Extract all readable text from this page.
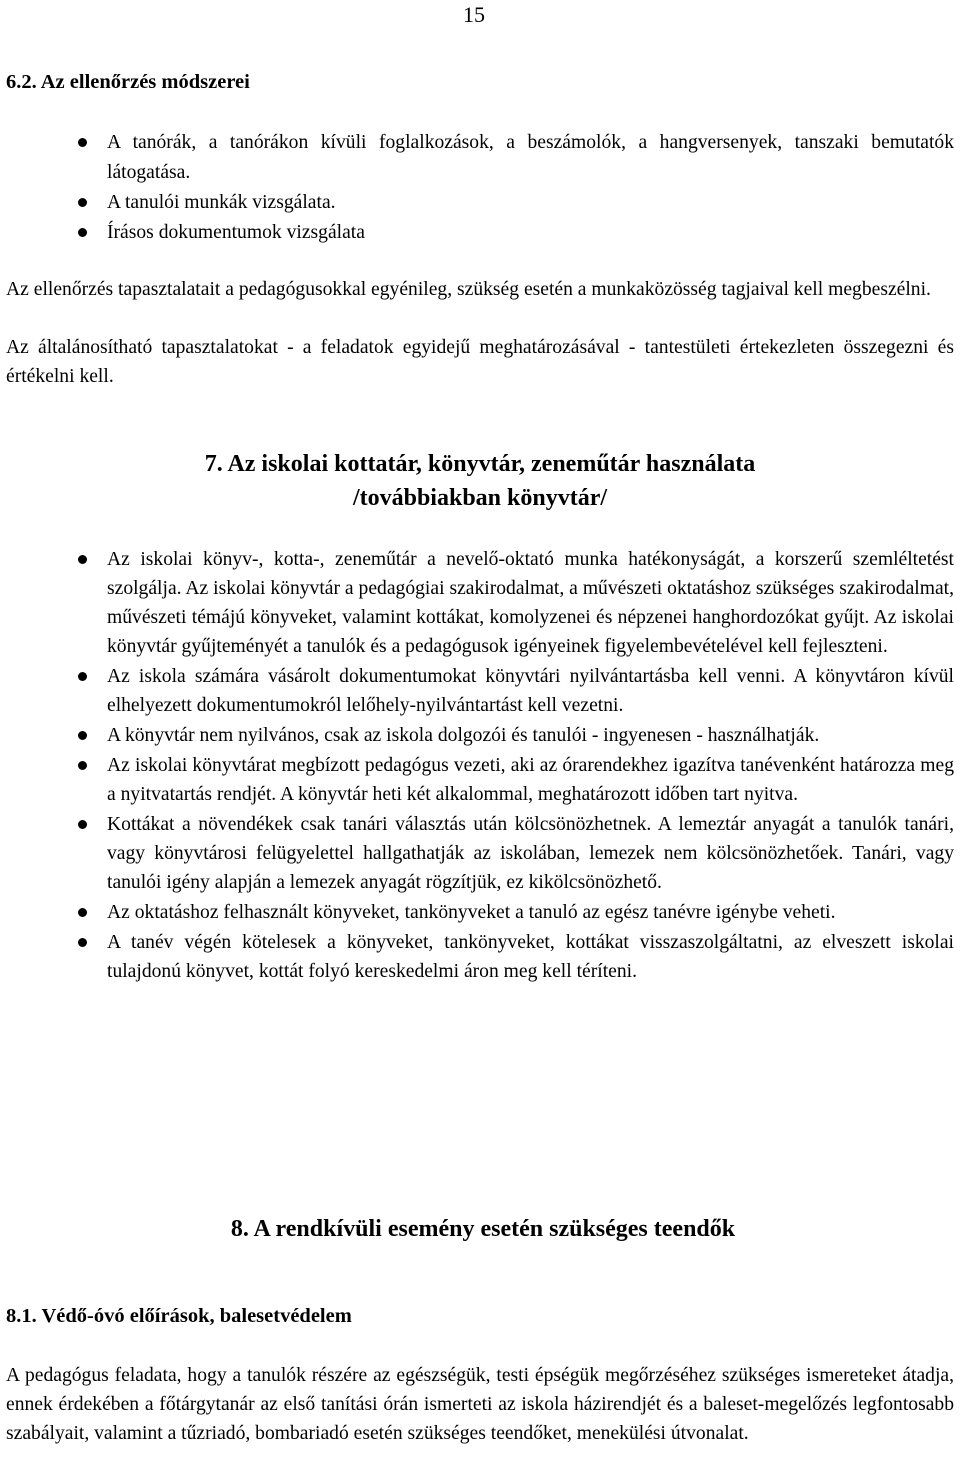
15
6.2. Az ellenőrzés módszerei
A tanórák, a tanórákon kívüli foglalkozások, a beszámolók, a hangversenyek, tanszaki bemutatók látogatása.
A tanulói munkák vizsgálata.
Írásos dokumentumok vizsgálata
Az ellenőrzés tapasztalatait a pedagógusokkal egyénileg, szükség esetén a munkaközösség tagjaival kell megbeszélni.
Az általánosítható tapasztalatokat - a feladatok egyidejű meghatározásával - tantestületi értekezleten összegezni és értékelni kell.
7. Az iskolai kottatár, könyvtár, zeneműtár használata
/továbbiakban könyvtár/
Az iskolai könyv-, kotta-, zeneműtár a nevelő-oktató munka hatékonyságát, a korszerű szemléltetést szolgálja. Az iskolai könyvtár a pedagógiai szakirodalmat, a művészeti oktatáshoz szükséges szakirodalmat, művészeti témájú könyveket, valamint kottákat, komolyzenei és népzenei hanghordozókat gyűjt. Az iskolai könyvtár gyűjteményét a tanulók és a pedagógusok igényeinek figyelembevételével kell fejleszteni.
Az iskola számára vásárolt dokumentumokat könyvtári nyilvántartásba kell venni. A könyvtáron kívül elhelyezett dokumentumokról lelőhely-nyilvántartást kell vezetni.
A könyvtár nem nyilvános, csak az iskola dolgozói és tanulói - ingyenesen - használhatják.
Az iskolai könyvtárat megbízott pedagógus vezeti, aki az órarendekhez igazítva tanévenként határozza meg a nyitvatartás rendjét. A könyvtár heti két alkalommal, meghatározott időben tart nyitva.
Kottákat a növendékek csak tanári választás után kölcsönözhetnek. A lemeztár anyagát a tanulók tanári, vagy könyvtárosi felügyelettel hallgathatják az iskolában, lemezek nem kölcsönözhetőek. Tanári, vagy tanulói igény alapján a lemezek anyagát rögzítjük, ez kikölcsönözhető.
Az oktatáshoz felhasznált könyveket, tankönyveket a tanuló az egész tanévre igénybe veheti.
A tanév végén kötelesek a könyveket, tankönyveket, kottákat visszaszolgáltatni, az elveszett iskolai tulajdonú könyvet, kottát folyó kereskedelmi áron meg kell téríteni.
8. A rendkívüli esemény esetén szükséges teendők
8.1. Védő-óvó előírások, balesetvédelem
A pedagógus feladata, hogy a tanulók részére az egészségük, testi épségük megőrzéséhez szükséges ismereteket átadja, ennek érdekében a főtárgytanár az első tanítási órán ismerteti az iskola házirendjét és a baleset-megelőzés legfontosabb szabályait, valamint a tűzriadó, bombariadó esetén szükséges teendőket, menekülési útvonalat.
